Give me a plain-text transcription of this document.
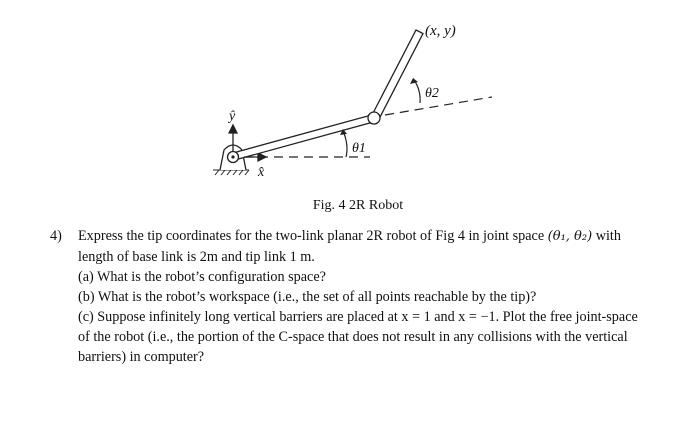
(x, y)
θ1
θ2
ŷ
x̂
Fig. 4 2R Robot
4) Express the tip coordinates for the two-link planar 2R robot of Fig 4 in joint space (θ₁, θ₂) with length of base link is 2m and tip link 1 m.
(a) What is the robot’s configuration space?
(b) What is the robot’s workspace (i.e., the set of all points reachable by the tip)?
(c) Suppose infinitely long vertical barriers are placed at x = 1 and x = −1. Plot the free joint-space of the robot (i.e., the portion of the C-space that does not result in any collisions with the vertical barriers) in computer?
